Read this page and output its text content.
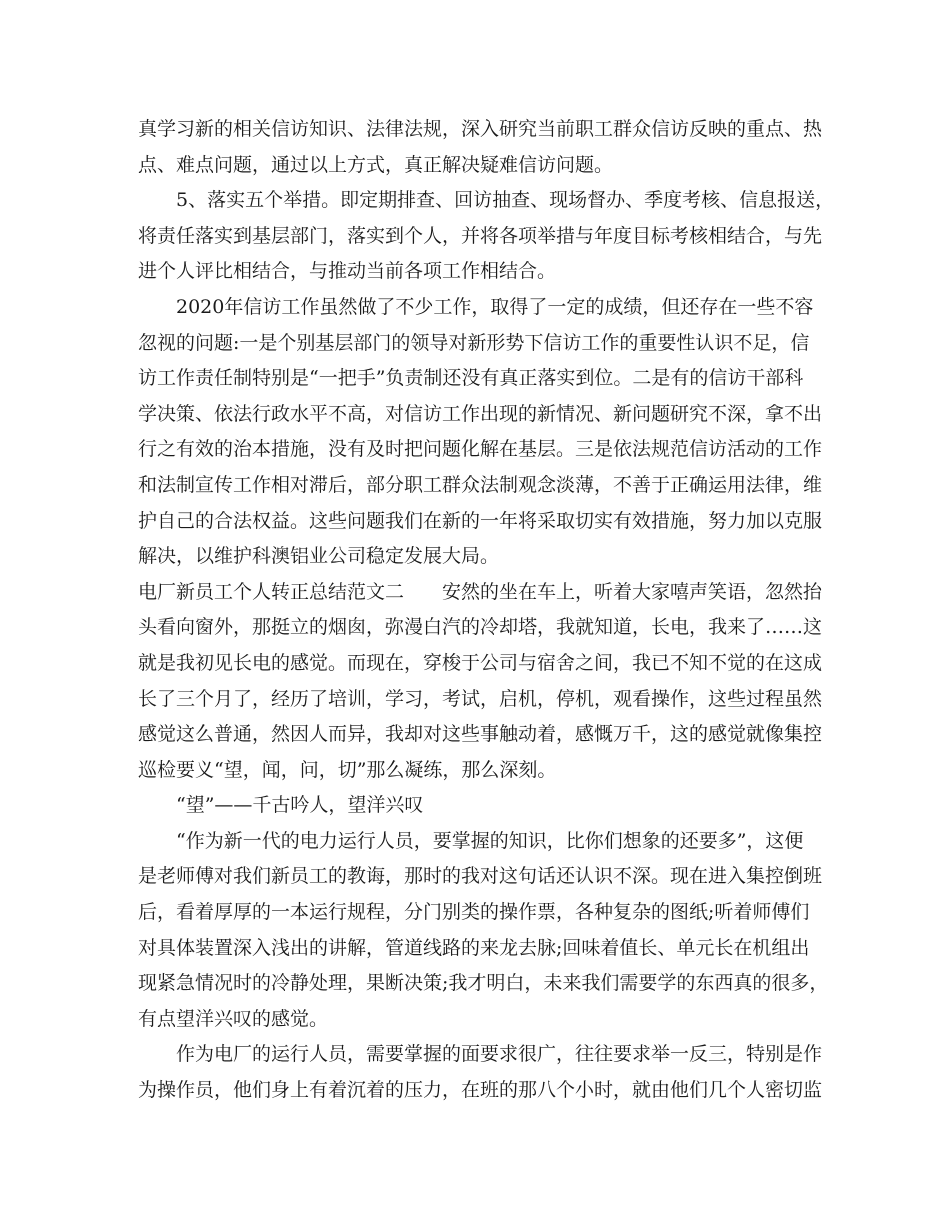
真学习新的相关信访知识、法律法规，深入研究当前职工群众信访反映的重点、热
点、难点问题，通过以上方式，真正解决疑难信访问题。
5、落实五个举措。即定期排查、回访抽查、现场督办、季度考核、信息报送，
将责任落实到基层部门，落实到个人，并将各项举措与年度目标考核相结合，与先
进个人评比相结合，与推动当前各项工作相结合。
2020年信访工作虽然做了不少工作，取得了一定的成绩，但还存在一些不容
忽视的问题:一是个别基层部门的领导对新形势下信访工作的重要性认识不足，信
访工作责任制特别是“一把手”负责制还没有真正落实到位。二是有的信访干部科
学决策、依法行政水平不高，对信访工作出现的新情况、新问题研究不深，拿不出
行之有效的治本措施，没有及时把问题化解在基层。三是依法规范信访活动的工作
和法制宣传工作相对滞后，部分职工群众法制观念淡薄，不善于正确运用法律，维
护自己的合法权益。这些问题我们在新的一年将采取切实有效措施，努力加以克服
解决，以维护科澳铝业公司稳定发展大局。
电厂新员工个人转正总结范文二 安然的坐在车上，听着大家嘻声笑语，忽然抬
头看向窗外，那挺立的烟囱，弥漫白汽的冷却塔，我就知道，长电，我来了……这
就是我初见长电的感觉。而现在，穿梭于公司与宿舍之间，我已不知不觉的在这成
长了三个月了，经历了培训，学习，考试，启机，停机，观看操作，这些过程虽然
感觉这么普通，然因人而异，我却对这些事触动着，感慨万千，这的感觉就像集控
巡检要义“望，闻，问，切”那么凝练，那么深刻。
“望”——千古吟人，望洋兴叹
“作为新一代的电力运行人员，要掌握的知识，比你们想象的还要多”，这便
是老师傅对我们新员工的教诲，那时的我对这句话还认识不深。现在进入集控倒班
后，看着厚厚的一本运行规程，分门别类的操作票，各种复杂的图纸;听着师傅们
对具体装置深入浅出的讲解，管道线路的来龙去脉;回味着值长、单元长在机组出
现紧急情况时的冷静处理，果断决策;我才明白，未来我们需要学的东西真的很多，
有点望洋兴叹的感觉。
作为电厂的运行人员，需要掌握的面要求很广，往往要求举一反三，特别是作
为操作员，他们身上有着沉着的压力，在班的那八个小时，就由他们几个人密切监
